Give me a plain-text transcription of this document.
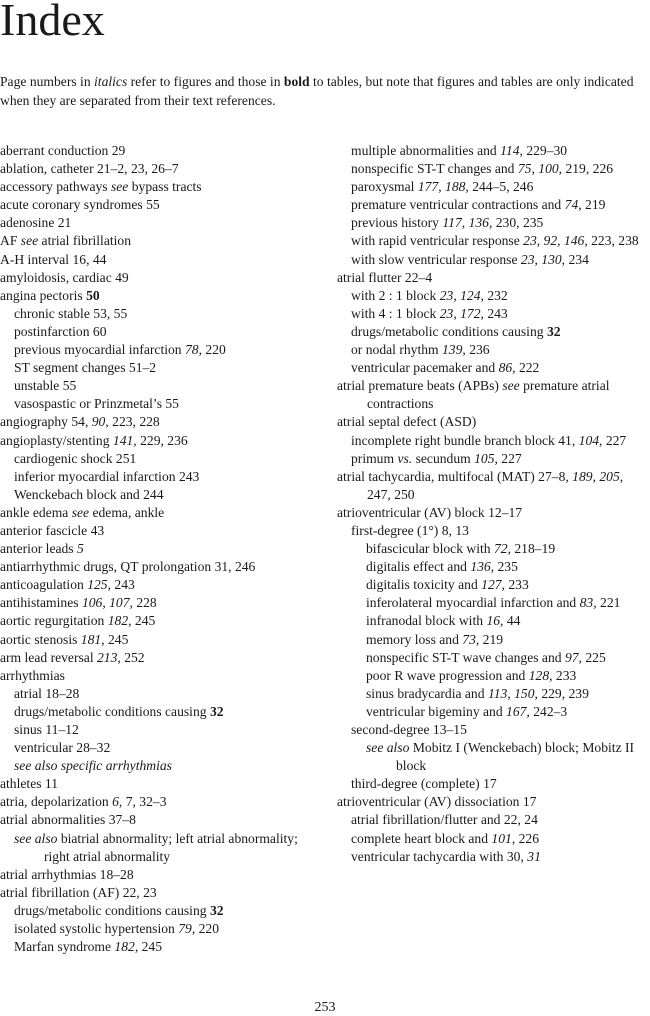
Index

Page numbers in italics refer to figures and those in bold to tables, but note that figures and tables are only indicated when they are separated from their text references.

aberrant conduction 29

ablation, catheter 21–2, 23, 26–7

accessory pathways see bypass tracts

acute coronary syndromes 55

adenosine 21

AF see atrial fibrillation

A-H interval 16, 44

amyloidosis, cardiac 49

angina pectoris 50

chronic stable 53, 55

postinfarction 60

previous myocardial infarction 78, 220

ST segment changes 51–2

unstable 55

vasospastic or Prinzmetal’s 55

angiography 54, 90, 223, 228

angioplasty/stenting 141, 229, 236

cardiogenic shock 251

inferior myocardial infarction 243

Wenckebach block and 244

ankle edema see edema, ankle

anterior fascicle 43

anterior leads 5

antiarrhythmic drugs, QT prolongation 31, 246

anticoagulation 125, 243

antihistamines 106, 107, 228

aortic regurgitation 182, 245

aortic stenosis 181, 245

arm lead reversal 213, 252

arrhythmias

atrial 18–28

drugs/metabolic conditions causing 32

sinus 11–12

ventricular 28–32

see also specific arrhythmias

athletes 11

atria, depolarization 6, 7, 32–3

atrial abnormalities 37–8

see also biatrial abnormality; left atrial abnormality; right atrial abnormality

atrial arrhythmias 18–28

atrial fibrillation (AF) 22, 23

drugs/metabolic conditions causing 32

isolated systolic hypertension 79, 220

Marfan syndrome 182, 245

multiple abnormalities and 114, 229–30

nonspecific ST-T changes and 75, 100, 219, 226

paroxysmal 177, 188, 244–5, 246

premature ventricular contractions and 74, 219

previous history 117, 136, 230, 235

with rapid ventricular response 23, 92, 146, 223, 238

with slow ventricular response 23, 130, 234

atrial flutter 22–4

with 2 : 1 block 23, 124, 232

with 4 : 1 block 23, 172, 243

drugs/metabolic conditions causing 32

or nodal rhythm 139, 236

ventricular pacemaker and 86, 222

atrial premature beats (APBs) see premature atrial contractions

atrial septal defect (ASD)

incomplete right bundle branch block 41, 104, 227

primum vs. secundum 105, 227

atrial tachycardia, multifocal (MAT) 27–8, 189, 205, 247, 250

atrioventricular (AV) block 12–17

first-degree (1°) 8, 13

bifascicular block with 72, 218–19

digitalis effect and 136, 235

digitalis toxicity and 127, 233

inferolateral myocardial infarction and 83, 221

infranodal block with 16, 44

memory loss and 73, 219

nonspecific ST-T wave changes and 97, 225

poor R wave progression and 128, 233

sinus bradycardia and 113, 150, 229, 239

ventricular bigeminy and 167, 242–3

second-degree 13–15

see also Mobitz I (Wenckebach) block; Mobitz II block

third-degree (complete) 17

atrioventricular (AV) dissociation 17

atrial fibrillation/flutter and 22, 24

complete heart block and 101, 226

ventricular tachycardia with 30, 31

253
